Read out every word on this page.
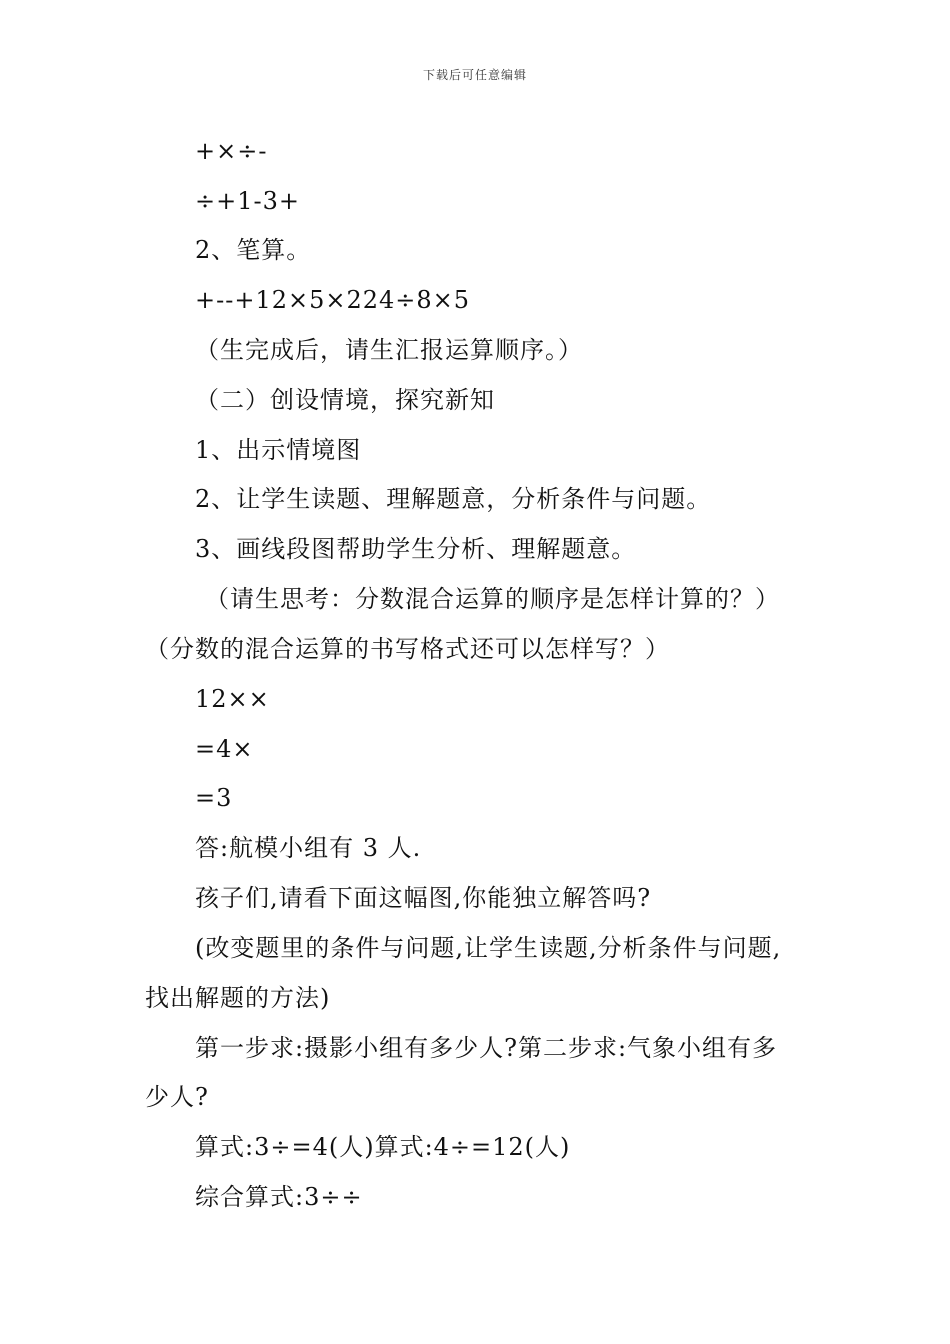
下载后可任意编辑
+×÷-
÷+1-3+
2、笔算。
+--+12×5×224÷8×5
（生完成后，请生汇报运算顺序。）
（二）创设情境，探究新知
1、出示情境图
2、让学生读题、理解题意，分析条件与问题。
3、画线段图帮助学生分析、理解题意。
（请生思考：分数混合运算的顺序是怎样计算的？）
（分数的混合运算的书写格式还可以怎样写？）
12××
=4×
=3
答:航模小组有 3 人.
孩子们,请看下面这幅图,你能独立解答吗?
(改变题里的条件与问题,让学生读题,分析条件与问题,
找出解题的方法)
第一步求:摄影小组有多少人?第二步求:气象小组有多
少人?
算式:3÷=4(人)算式:4÷=12(人)
综合算式:3÷÷
